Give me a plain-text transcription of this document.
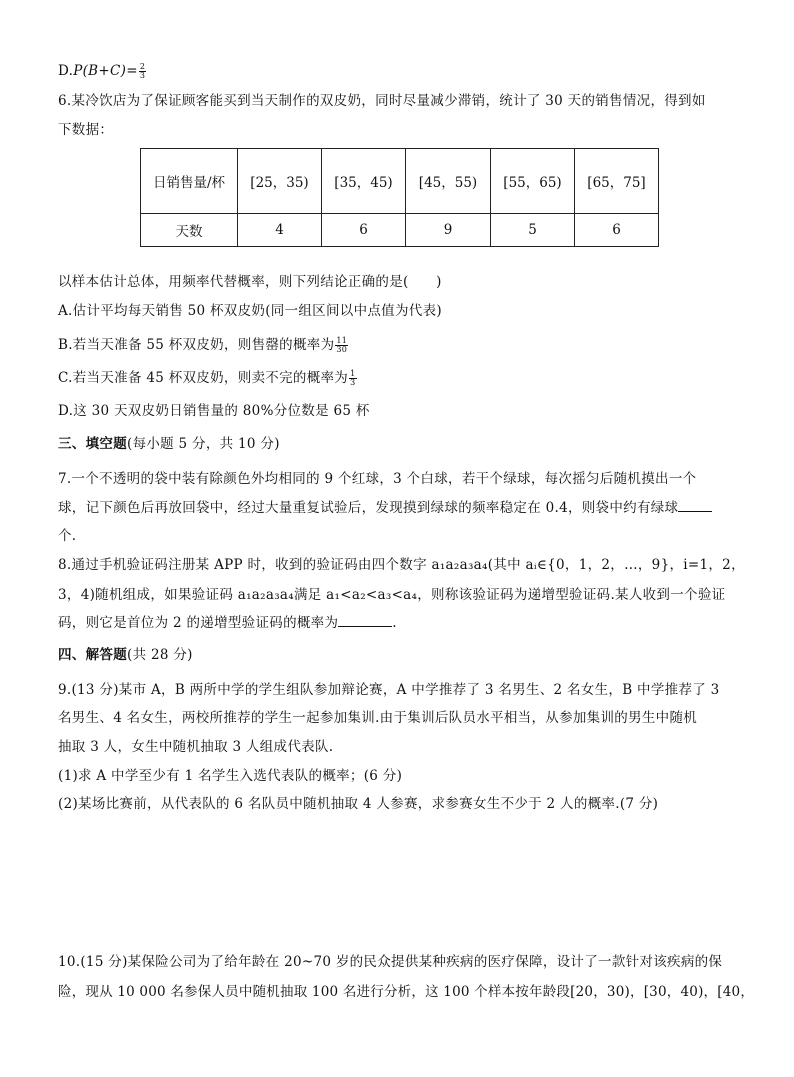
$D.P(B+C)= \frac{2}{3}$
6.某冷饮店为了保证顾客能买到当天制作的双皮奶，同时尽量减少滞销，统计了 30 天的销售情况，得到如
下数据：
日销售量/杯	[25，35)	[35，45)	[45，55)	[55，65)	[65，75]
天数	4	6	9	5	6
以样本估计总体，用频率代替概率，则下列结论正确的是(　　)
A.估计平均每天销售 50 杯双皮奶(同一组区间以中点值为代表)
B.若当天准备 55 杯双皮奶，则售罄的概率为 $\frac{11}{30}$
C.若当天准备 45 杯双皮奶，则卖不完的概率为 $\frac{1}{3}$
D.这 30 天双皮奶日销售量的 80%分位数是 65 杯
三、填空题(每小题 5 分，共 10 分)
7.一个不透明的袋中装有除颜色外均相同的 9 个红球，3 个白球，若干个绿球，每次摇匀后随机摸出一个
球，记下颜色后再放回袋中，经过大量重复试验后，发现摸到绿球的频率稳定在 0.4，则袋中约有绿球
个.
8.通过手机验证码注册某 APP 时，收到的验证码由四个数字 a₁a₂a₃a₄(其中 aᵢ∈{0，1，2，…，9}，i=1，2，
3，4)随机组成，如果验证码 a₁a₂a₃a₄满足 a₁<a₂<a₃<a₄，则称该验证码为递增型验证码.某人收到一个验证
码，则它是首位为 2 的递增型验证码的概率为	.
四、解答题(共 28 分)
9.(13 分)某市 A，B 两所中学的学生组队参加辩论赛，A 中学推荐了 3 名男生、2 名女生，B 中学推荐了 3
名男生、4 名女生，两校所推荐的学生一起参加集训.由于集训后队员水平相当，从参加集训的男生中随机
抽取 3 人，女生中随机抽取 3 人组成代表队.
(1)求 A 中学至少有 1 名学生入选代表队的概率；(6 分)
(2)某场比赛前，从代表队的 6 名队员中随机抽取 4 人参赛，求参赛女生不少于 2 人的概率.(7 分)
10.(15 分)某保险公司为了给年龄在 20~70 岁的民众提供某种疾病的医疗保障，设计了一款针对该疾病的保
险，现从 10 000 名参保人员中随机抽取 100 名进行分析，这 100 个样本按年龄段[20，30)，[30，40)，[40，
